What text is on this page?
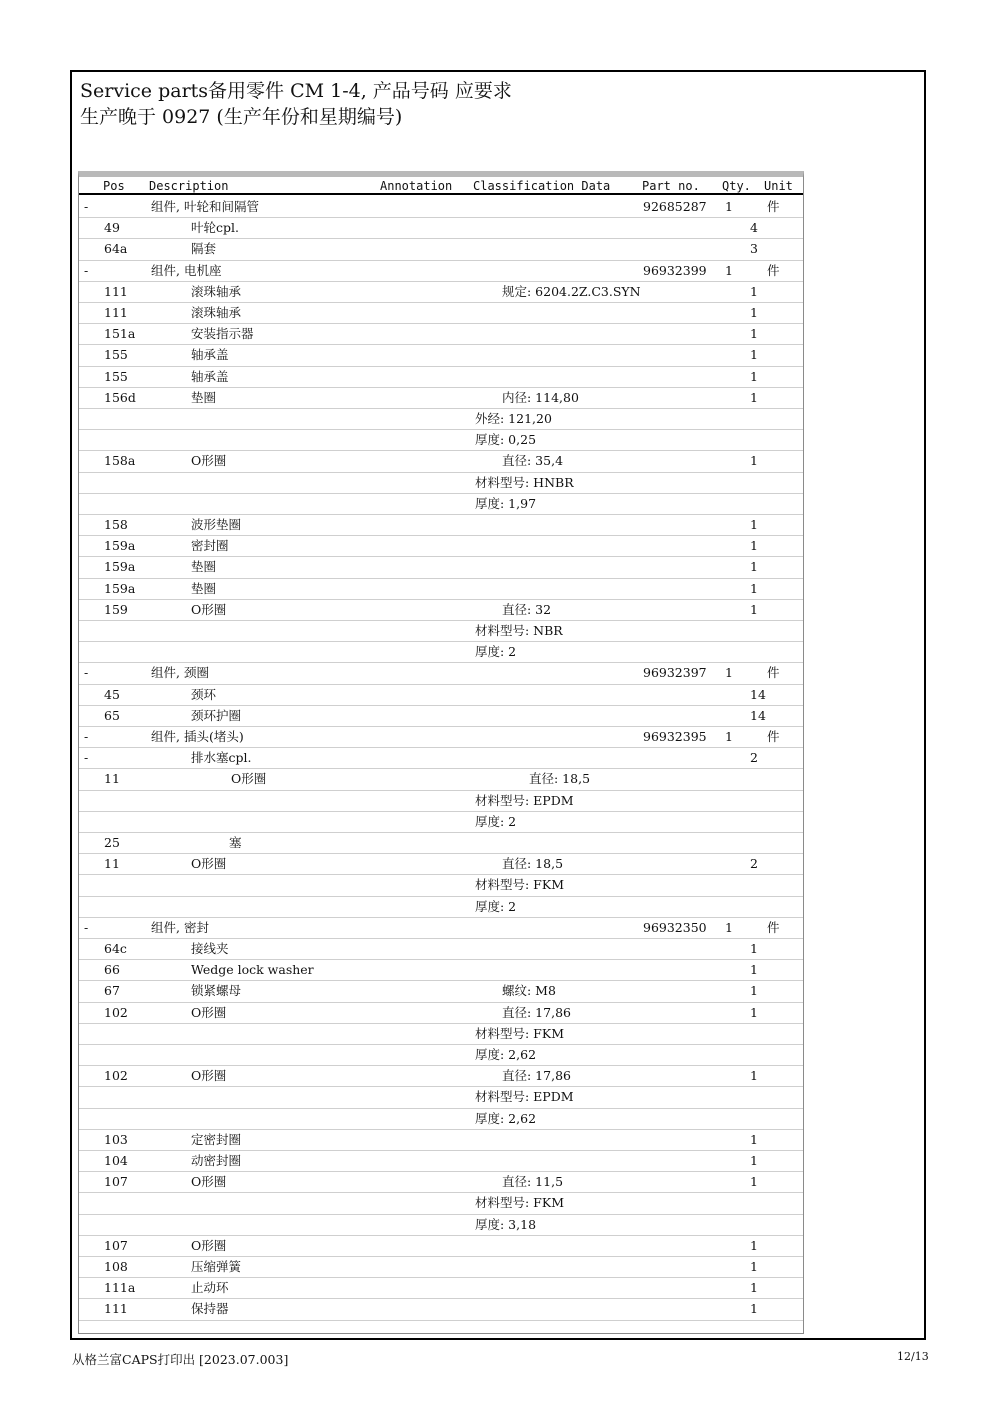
Service parts备用零件 CM 1-4, 产品号码 应要求
生产晚于 0927 (生产年份和星期编号)
Pos Description	Annotation Classification Data	Part no. Qty. Unit
-	组件, 叶轮和间隔管	92685287 1	件
49	叶轮cpl.	4
64a	隔套	3
-	组件, 电机座	96932399 1	件
111	滚珠轴承	规定: 6204.2Z.C3.SYN	1
111	滚珠轴承	1
151a	安装指示器	1
155	轴承盖	1
155	轴承盖	1
156d	垫圈	内径: 114,80	1
外经: 121,20
厚度: 0,25
158a	O形圈	直径: 35,4	1
材料型号: HNBR
厚度: 1,97
158	波形垫圈	1
159a	密封圈	1
159a	垫圈	1
159a	垫圈	1
159	O形圈	直径: 32	1
材料型号: NBR
厚度: 2
-	组件, 颈圈	96932397 1	件
45	颈环	14
65	颈环护圈	14
-	组件, 插头(堵头)	96932395 1	件
-	排水塞cpl.	2
11	O形圈	直径: 18,5
材料型号: EPDM
厚度: 2
25	塞
11	O形圈	直径: 18,5	2
材料型号: FKM
厚度: 2
-	组件, 密封	96932350 1	件
64c	接线夹	1
66	Wedge lock washer	1
67	锁紧螺母	螺纹: M8	1
102	O形圈	直径: 17,86	1
材料型号: FKM
厚度: 2,62
102	O形圈	直径: 17,86	1
材料型号: EPDM
厚度: 2,62
103	定密封圈	1
104	动密封圈	1
107	O形圈	直径: 11,5	1
材料型号: FKM
厚度: 3,18
107	O形圈	1
108	压缩弹簧	1
111a	止动环	1
111	保持器	1
从格兰富CAPS打印出 [2023.07.003]	12/13
